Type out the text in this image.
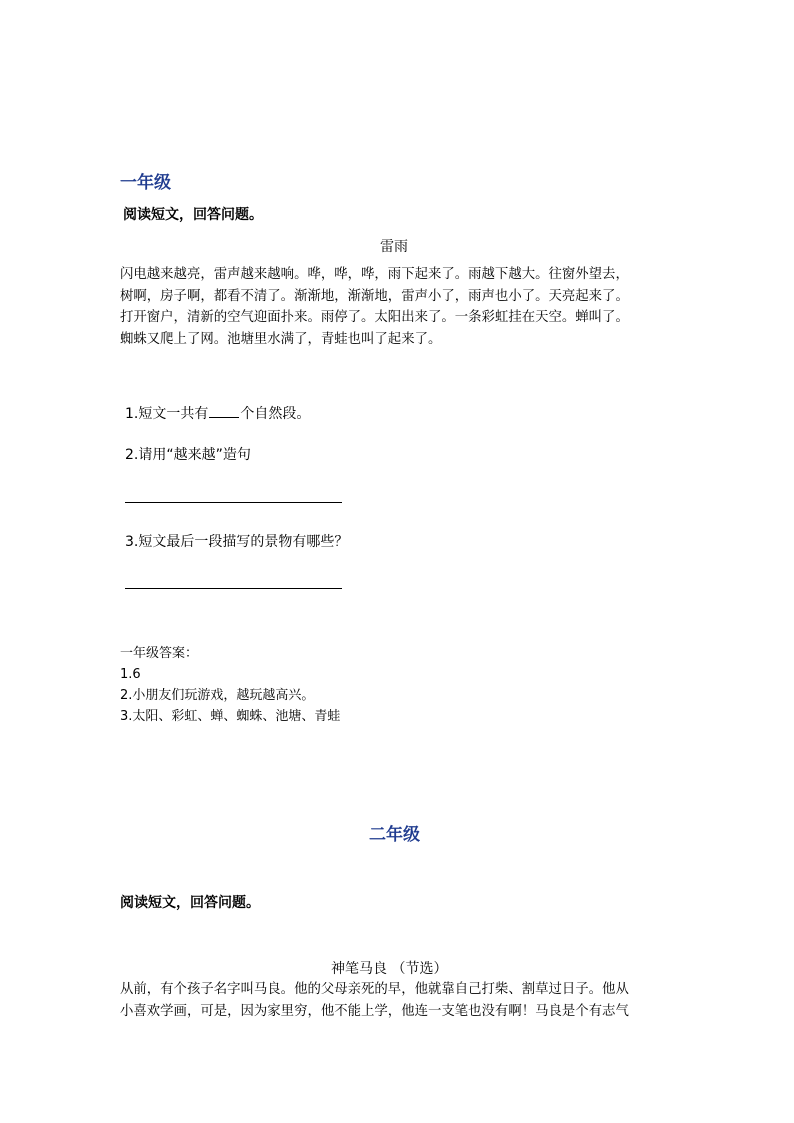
一年级
阅读短文，回答问题。
雷雨

闪电越来越亮，雷声越来越响。哗，哗，哗，雨下起来了。雨越下越大。往窗外望去，

树啊，房子啊，都看不清了。渐渐地，渐渐地，雷声小了，雨声也小了。天亮起来了。

打开窗户，清新的空气迎面扑来。雨停了。太阳出来了。一条彩虹挂在天空。蝉叫了。

蜘蛛又爬上了网。池塘里水满了，青蛙也叫了起来了。

1.短文一共有 个自然段。
2.请用“越来越”造句
3.短文最后一段描写的景物有哪些？
一年级答案：
1.6
2.小朋友们玩游戏，越玩越高兴。
3.太阳、彩虹、蝉、蜘蛛、池塘、青蛙
二年级
阅读短文，回答问题。
神笔马良 （节选）

从前，有个孩子名字叫马良。他的父母亲死的早，他就靠自己打柴、割草过日子。他从

小喜欢学画，可是，因为家里穷，他不能上学，他连一支笔也没有啊！马良是个有志气
